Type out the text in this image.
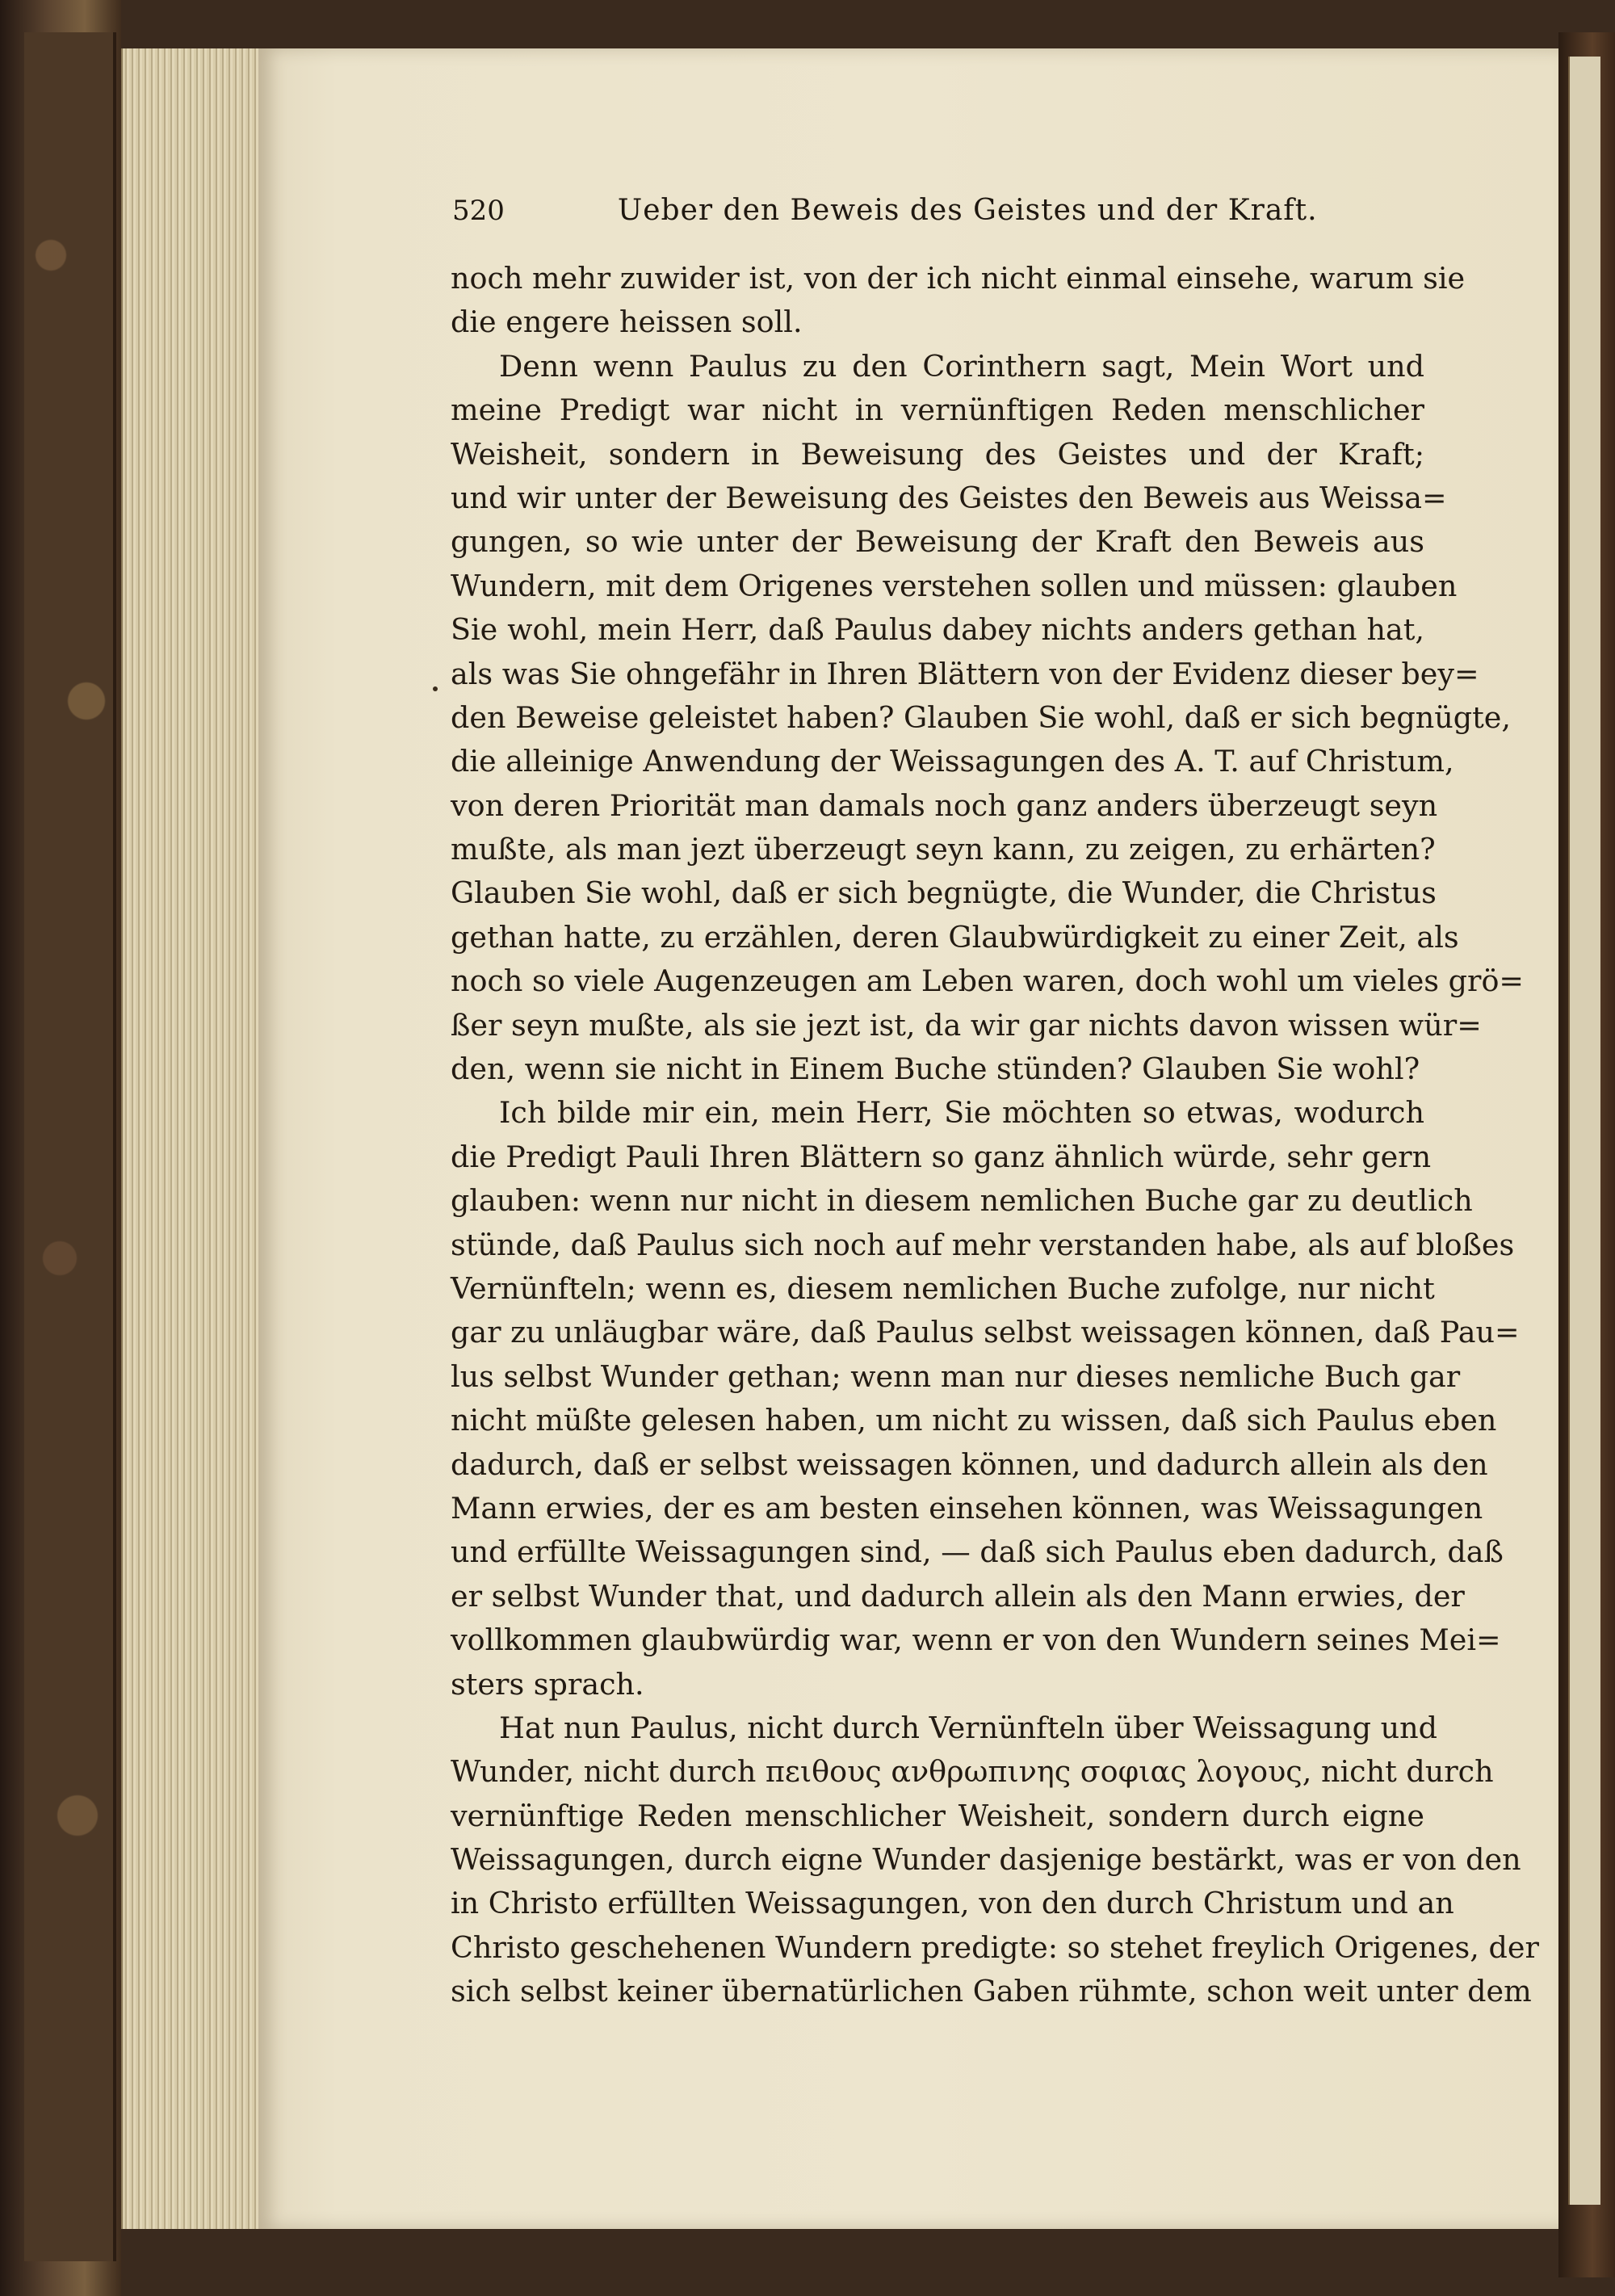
520	Ueber den Beweis des Geistes und der Kraft.
noch mehr zuwider ist, von der ich nicht einmal einsehe, warum sie
die engere heissen soll.
Denn wenn Paulus zu den Corinthern sagt, Mein Wort und
meine Predigt war nicht in vernünftigen Reden menschlicher
Weisheit, sondern in Beweisung des Geistes und der Kraft;
und wir unter der Beweisung des Geistes den Beweis aus Weissa=
gungen, so wie unter der Beweisung der Kraft den Beweis aus
Wundern, mit dem Origenes verstehen sollen und müssen: glauben
Sie wohl, mein Herr, daß Paulus dabey nichts anders gethan hat,
als was Sie ohngefähr in Ihren Blättern von der Evidenz dieser bey=
den Beweise geleistet haben? Glauben Sie wohl, daß er sich begnügte,
die alleinige Anwendung der Weissagungen des A. T. auf Christum,
von deren Priorität man damals noch ganz anders überzeugt seyn
mußte, als man jezt überzeugt seyn kann, zu zeigen, zu erhärten?
Glauben Sie wohl, daß er sich begnügte, die Wunder, die Christus
gethan hatte, zu erzählen, deren Glaubwürdigkeit zu einer Zeit, als
noch so viele Augenzeugen am Leben waren, doch wohl um vieles grö=
ßer seyn mußte, als sie jezt ist, da wir gar nichts davon wissen wür=
den, wenn sie nicht in Einem Buche stünden? Glauben Sie wohl?
Ich bilde mir ein, mein Herr, Sie möchten so etwas, wodurch
die Predigt Pauli Ihren Blättern so ganz ähnlich würde, sehr gern
glauben: wenn nur nicht in diesem nemlichen Buche gar zu deutlich
stünde, daß Paulus sich noch auf mehr verstanden habe, als auf bloßes
Vernünfteln; wenn es, diesem nemlichen Buche zufolge, nur nicht
gar zu unläugbar wäre, daß Paulus selbst weissagen können, daß Pau=
lus selbst Wunder gethan; wenn man nur dieses nemliche Buch gar
nicht müßte gelesen haben, um nicht zu wissen, daß sich Paulus eben
dadurch, daß er selbst weissagen können, und dadurch allein als den
Mann erwies, der es am besten einsehen können, was Weissagungen
und erfüllte Weissagungen sind, — daß sich Paulus eben dadurch, daß
er selbst Wunder that, und dadurch allein als den Mann erwies, der
vollkommen glaubwürdig war, wenn er von den Wundern seines Mei=
sters sprach.
Hat nun Paulus, nicht durch Vernünfteln über Weissagung und
Wunder, nicht durch πειθους ανθρωπινης σοφιας λογους, nicht durch
vernünftige Reden menschlicher Weisheit, sondern durch eigne
Weissagungen, durch eigne Wunder dasjenige bestärkt, was er von den
in Christo erfüllten Weissagungen, von den durch Christum und an
Christo geschehenen Wundern predigte: so stehet freylich Origenes, der
sich selbst keiner übernatürlichen Gaben rühmte, schon weit unter dem
